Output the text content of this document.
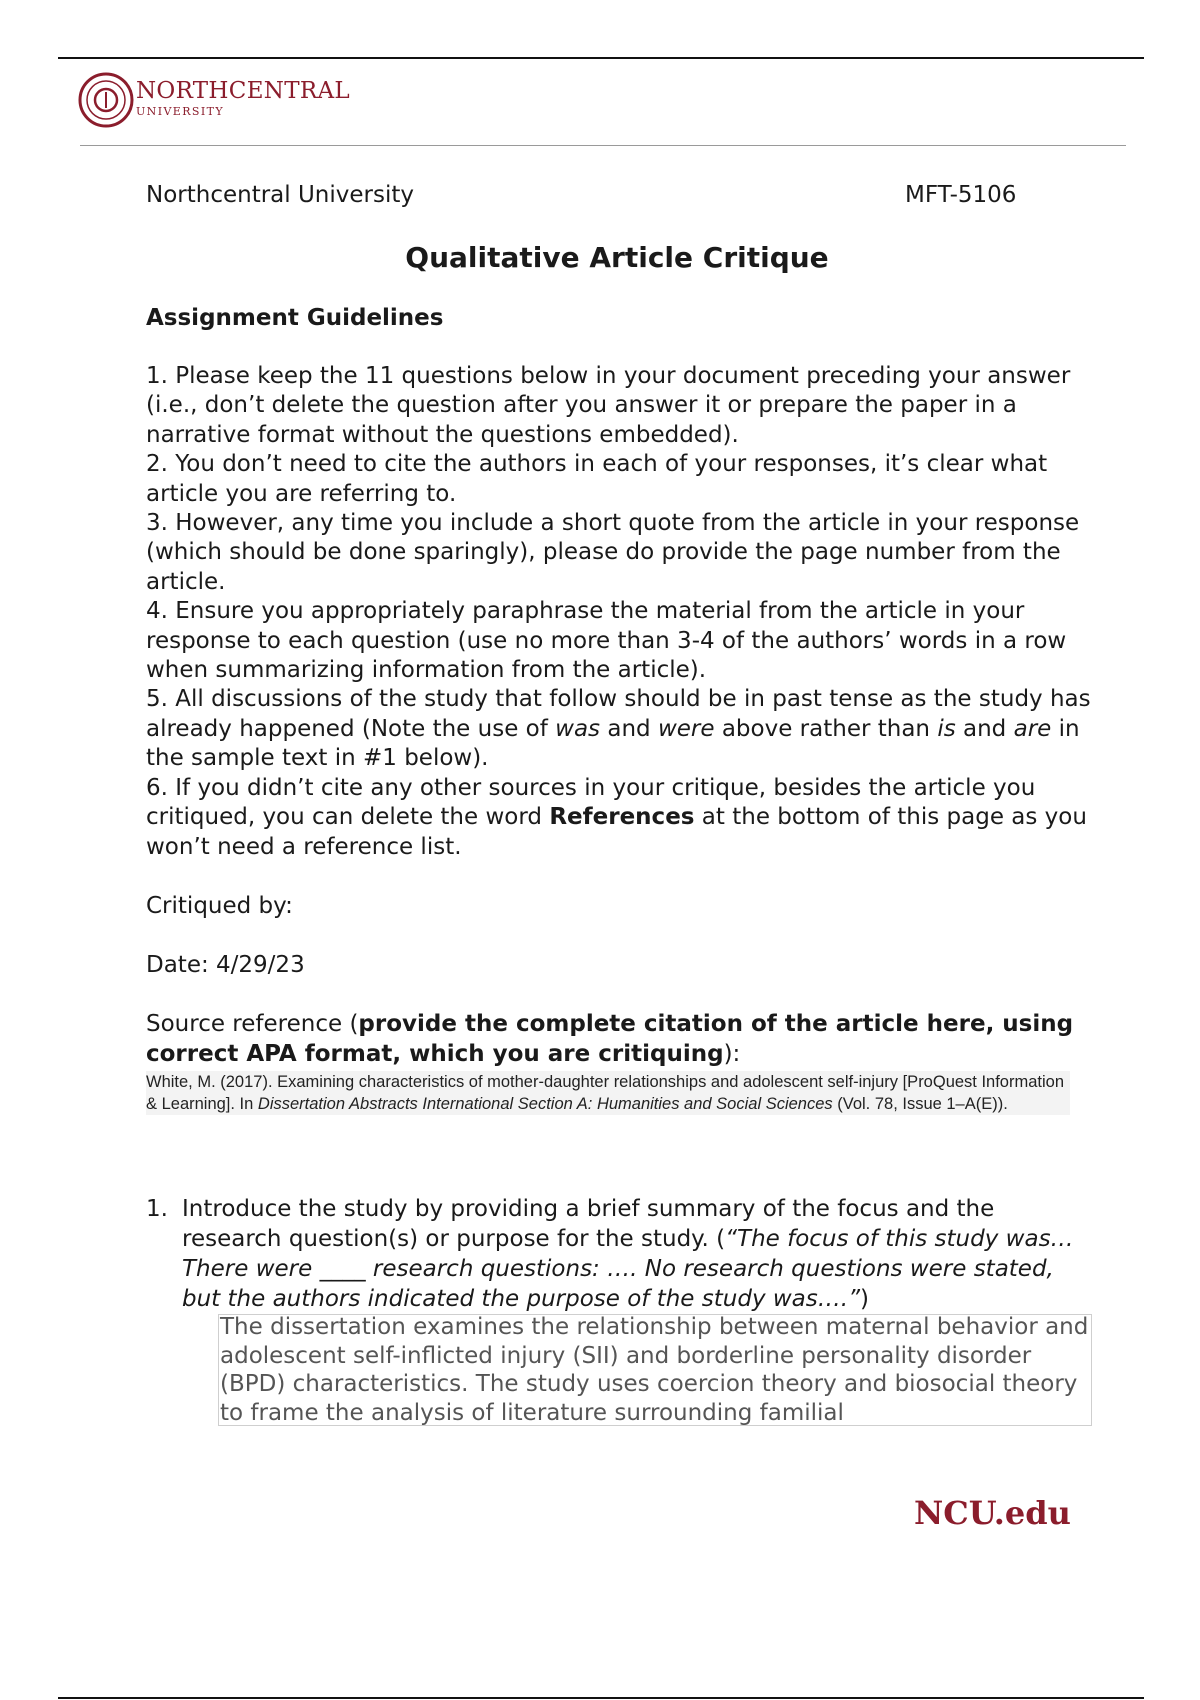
NORTHCENTRAL
UNIVERSITY
Northcentral University	MFT-5106
Qualitative Article Critique
Assignment Guidelines
1. Please keep the 11 questions below in your document preceding your answer (i.e., don’t delete the question after you answer it or prepare the paper in a narrative format without the questions embedded).
2. You don’t need to cite the authors in each of your responses, it’s clear what article you are referring to.
3. However, any time you include a short quote from the article in your response (which should be done sparingly), please do provide the page number from the article.
4. Ensure you appropriately paraphrase the material from the article in your response to each question (use no more than 3-4 of the authors’ words in a row when summarizing information from the article).
5. All discussions of the study that follow should be in past tense as the study has already happened (Note the use of was and were above rather than is and are in the sample text in #1 below).
6. If you didn’t cite any other sources in your critique, besides the article you critiqued, you can delete the word References at the bottom of this page as you won’t need a reference list.
Critiqued by:
Date: 4/29/23
Source reference (provide the complete citation of the article here, using correct APA format, which you are critiquing):
White, M. (2017). Examining characteristics of mother-daughter relationships and adolescent self-injury [ProQuest Information & Learning]. In Dissertation Abstracts International Section A: Humanities and Social Sciences (Vol. 78, Issue 1–A(E)).
1. Introduce the study by providing a brief summary of the focus and the research question(s) or purpose for the study. (“The focus of this study was… There were ____ research questions: …. No research questions were stated, but the authors indicated the purpose of the study was….”)
The dissertation examines the relationship between maternal behavior and adolescent self-inflicted injury (SII) and borderline personality disorder (BPD) characteristics. The study uses coercion theory and biosocial theory to frame the analysis of literature surrounding familial
NCU.edu
